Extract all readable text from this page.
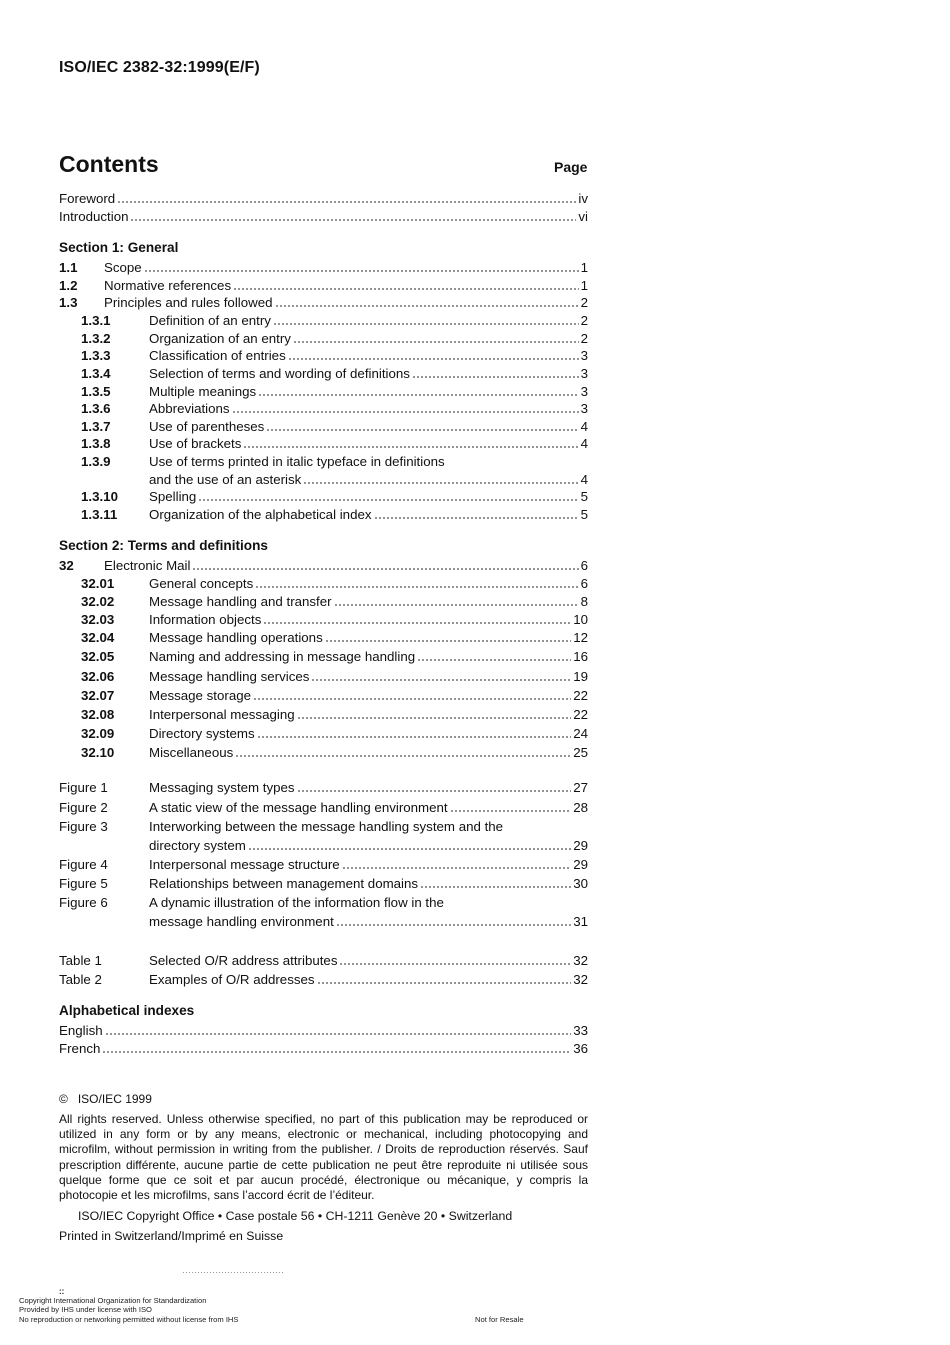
ISO/IEC 2382-32:1999(E/F)
Contents	Page
Foreword	iv
Introduction	vi
Section 1: General
1.1	Scope	1
1.2	Normative references	1
1.3	Principles and rules followed	2
1.3.1	Definition of an entry	2
1.3.2	Organization of an entry	2
1.3.3	Classification of entries	3
1.3.4	Selection of terms and wording of definitions	3
1.3.5	Multiple meanings	3
1.3.6	Abbreviations	3
1.3.7	Use of parentheses	4
1.3.8	Use of brackets	4
1.3.9	Use of terms printed in italic typeface in definitions
and the use of an asterisk	4
1.3.10	Spelling	5
1.3.11	Organization of the alphabetical index	5
Section 2: Terms and definitions
32	Electronic Mail	6
32.01	General concepts	6
32.02	Message handling and transfer	8
32.03	Information objects	10
32.04	Message handling operations	12
32.05	Naming and addressing in message handling	16
32.06	Message handling services	19
32.07	Message storage	22
32.08	Interpersonal messaging	22
32.09	Directory systems	24
32.10	Miscellaneous	25
Figure 1	Messaging system types	27
Figure 2	A static view of the message handling environment	28
Figure 3	Interworking between the message handling system and the
directory system	29
Figure 4	Interpersonal message structure	29
Figure 5	Relationships between management domains	30
Figure 6	A dynamic illustration of the information flow in the
message handling environment	31
Table 1	Selected O/R address attributes	32
Table 2	Examples of O/R addresses	32
Alphabetical indexes
English	33
French	36
©   ISO/IEC 1999
All rights reserved. Unless otherwise specified, no part of this publication may be reproduced or utilized in any form or by any means, electronic or mechanical, including photocopying and microfilm, without permission in writing from the publisher. / Droits de reproduction réservés. Sauf prescription différente, aucune partie de cette publication ne peut être reproduite ni utilisée sous quelque forme que ce soit et par aucun procédé, électronique ou mécanique, y compris la photocopie et les microfilms, sans l’accord écrit de l’éditeur.
ISO/IEC Copyright Office • Case postale 56 • CH-1211 Genève 20 • Switzerland
Printed in Switzerland/Imprimé en Suisse
::
Copyright International Organization for Standardization
Provided by IHS under license with ISO
No reproduction or networking permitted without license from IHS	Not for Resale
